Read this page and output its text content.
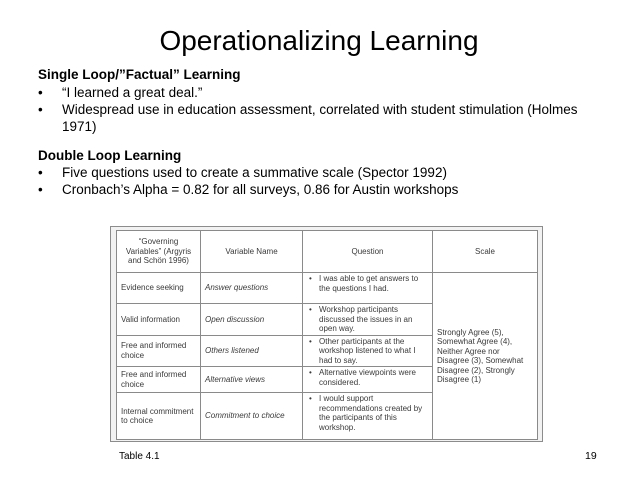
Operationalizing Learning
Single Loop/”Factual” Learning
• “I learned a great deal.”
• Widespread use in education assessment, correlated with student stimulation (Holmes 1971)
Double Loop Learning
• Five questions used to create a summative scale (Spector 1992)
• Cronbach’s Alpha = 0.82 for all surveys, 0.86 for Austin workshops
“Governing Variables” (Argyris and Schön 1996)	Variable Name	Question	Scale
Evidence seeking	Answer questions	• I was able to get answers to the questions I had.	Strongly Agree (5), Somewhat Agree (4), Neither Agree nor Disagree (3), Somewhat Disagree (2), Strongly Disagree (1)
Valid information	Open discussion	• Workshop participants discussed the issues in an open way.	
Free and informed choice	Others listened	• Other participants at the workshop listened to what I had to say.	
Free and informed choice	Alternative views	• Alternative viewpoints were considered.	
Internal commitment to choice	Commitment to choice	• I would support recommendations created by the participants of this workshop.	
Table 4.1	19
